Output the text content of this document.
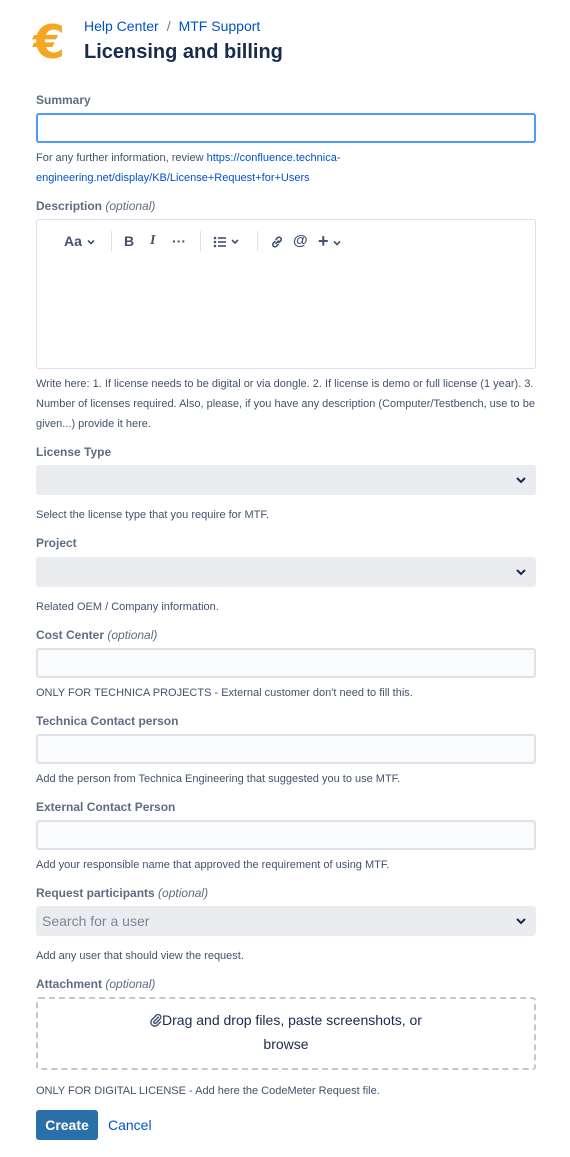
€	Help Center / MTF Support
Licensing and billing
Summary
For any further information, review https://confluence.technica-
engineering.net/display/KB/License+Request+for+Users
Description (optional)
Aa	B I ···	@ +
Write here: 1. If license needs to be digital or via dongle. 2. If license is demo or full license (1 year). 3.
Number of licenses required. Also, please, if you have any description (Computer/Testbench, use to be
given...) provide it here.
License Type
Select the license type that you require for MTF.
Project
Related OEM / Company information.
Cost Center (optional)
ONLY FOR TECHNICA PROJECTS - External customer don't need to fill this.
Technica Contact person
Add the person from Technica Engineering that suggested you to use MTF.
External Contact Person
Add your responsible name that approved the requirement of using MTF.
Request participants (optional)
Search for a user
Add any user that should view the request.
Attachment (optional)
Drag and drop files, paste screenshots, or
browse
ONLY FOR DIGITAL LICENSE - Add here the CodeMeter Request file.
Create	Cancel
